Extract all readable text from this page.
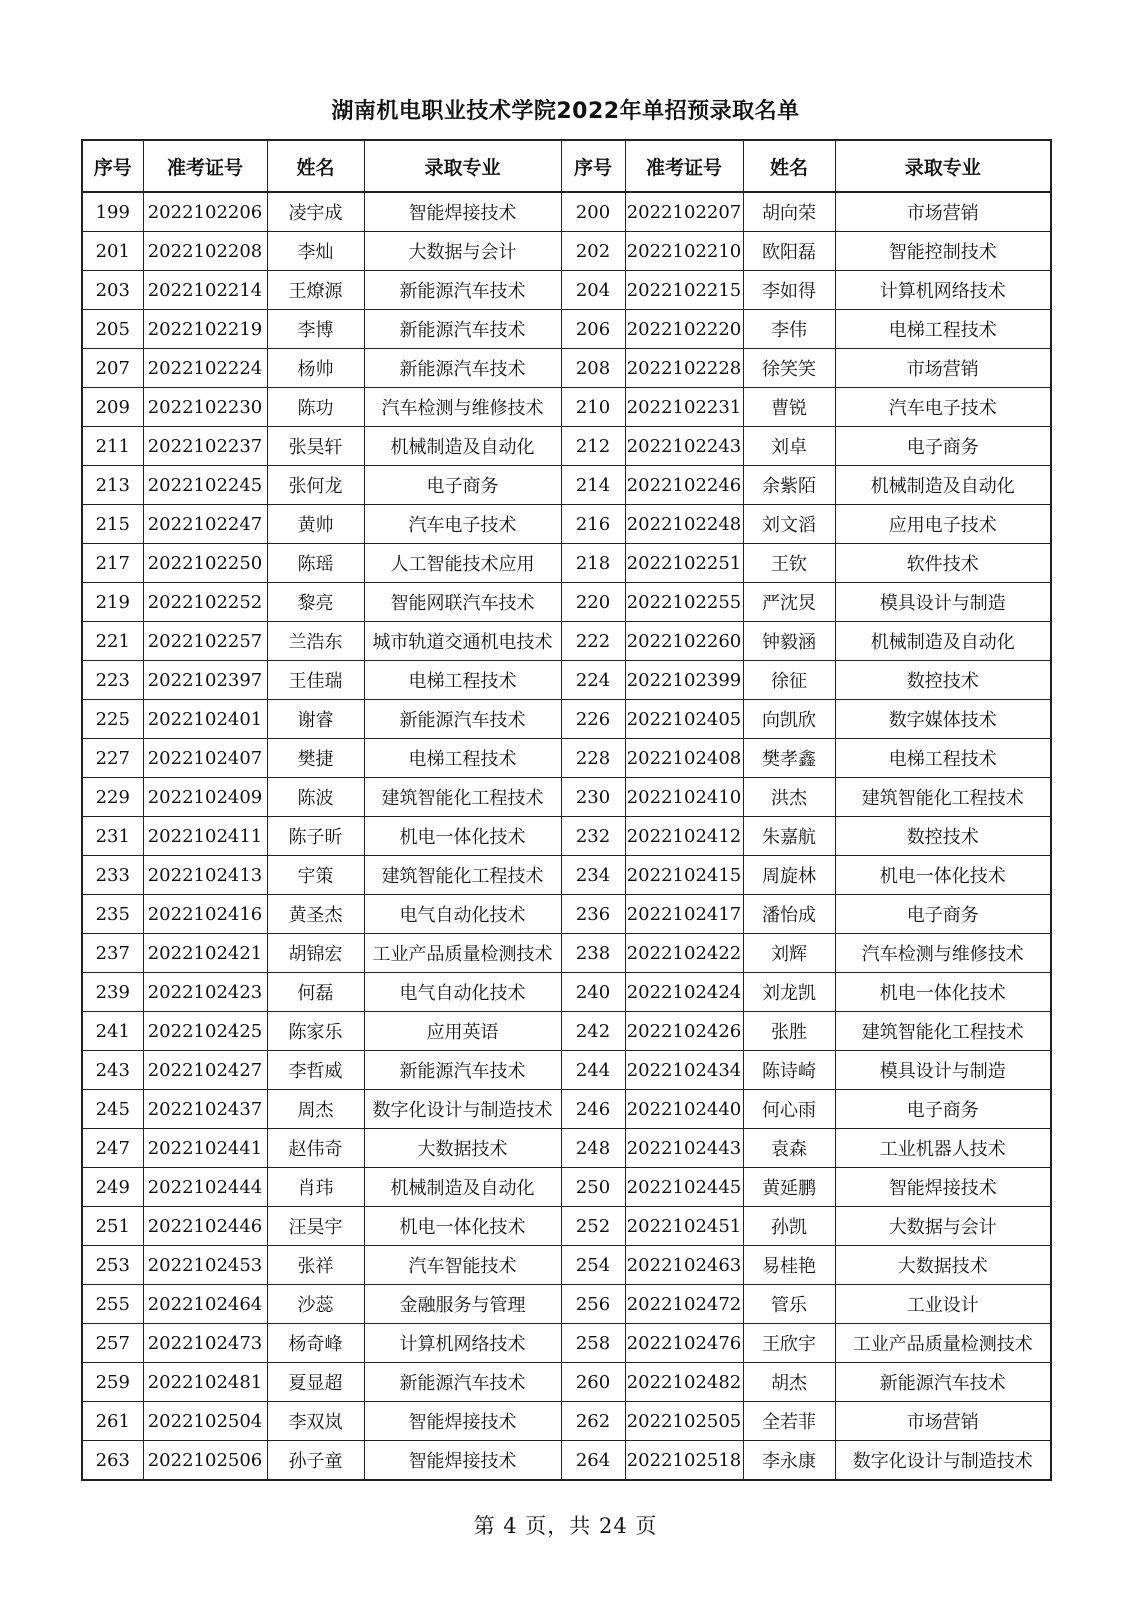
湖南机电职业技术学院2022年单招预录取名单
序号	准考证号	姓名	录取专业	序号	准考证号	姓名	录取专业
199	2022102206	凌宇成	智能焊接技术	200	2022102207	胡向荣	市场营销
201	2022102208	李灿	大数据与会计	202	2022102210	欧阳磊	智能控制技术
203	2022102214	王燎源	新能源汽车技术	204	2022102215	李如得	计算机网络技术
205	2022102219	李博	新能源汽车技术	206	2022102220	李伟	电梯工程技术
207	2022102224	杨帅	新能源汽车技术	208	2022102228	徐笑笑	市场营销
209	2022102230	陈功	汽车检测与维修技术	210	2022102231	曹锐	汽车电子技术
211	2022102237	张昊轩	机械制造及自动化	212	2022102243	刘卓	电子商务
213	2022102245	张何龙	电子商务	214	2022102246	余紫陌	机械制造及自动化
215	2022102247	黄帅	汽车电子技术	216	2022102248	刘文滔	应用电子技术
217	2022102250	陈瑶	人工智能技术应用	218	2022102251	王钦	软件技术
219	2022102252	黎亮	智能网联汽车技术	220	2022102255	严沈炅	模具设计与制造
221	2022102257	兰浩东	城市轨道交通机电技术	222	2022102260	钟毅涵	机械制造及自动化
223	2022102397	王佳瑞	电梯工程技术	224	2022102399	徐征	数控技术
225	2022102401	谢睿	新能源汽车技术	226	2022102405	向凯欣	数字媒体技术
227	2022102407	樊捷	电梯工程技术	228	2022102408	樊孝鑫	电梯工程技术
229	2022102409	陈波	建筑智能化工程技术	230	2022102410	洪杰	建筑智能化工程技术
231	2022102411	陈子昕	机电一体化技术	232	2022102412	朱嘉航	数控技术
233	2022102413	宇策	建筑智能化工程技术	234	2022102415	周旋林	机电一体化技术
235	2022102416	黄圣杰	电气自动化技术	236	2022102417	潘怡成	电子商务
237	2022102421	胡锦宏	工业产品质量检测技术	238	2022102422	刘辉	汽车检测与维修技术
239	2022102423	何磊	电气自动化技术	240	2022102424	刘龙凯	机电一体化技术
241	2022102425	陈家乐	应用英语	242	2022102426	张胜	建筑智能化工程技术
243	2022102427	李哲威	新能源汽车技术	244	2022102434	陈诗崎	模具设计与制造
245	2022102437	周杰	数字化设计与制造技术	246	2022102440	何心雨	电子商务
247	2022102441	赵伟奇	大数据技术	248	2022102443	袁森	工业机器人技术
249	2022102444	肖玮	机械制造及自动化	250	2022102445	黄延鹏	智能焊接技术
251	2022102446	汪昊宇	机电一体化技术	252	2022102451	孙凯	大数据与会计
253	2022102453	张祥	汽车智能技术	254	2022102463	易桂艳	大数据技术
255	2022102464	沙蕊	金融服务与管理	256	2022102472	管乐	工业设计
257	2022102473	杨奇峰	计算机网络技术	258	2022102476	王欣宇	工业产品质量检测技术
259	2022102481	夏显超	新能源汽车技术	260	2022102482	胡杰	新能源汽车技术
261	2022102504	李双岚	智能焊接技术	262	2022102505	全若菲	市场营销
263	2022102506	孙子童	智能焊接技术	264	2022102518	李永康	数字化设计与制造技术
第 4 页，共 24 页
